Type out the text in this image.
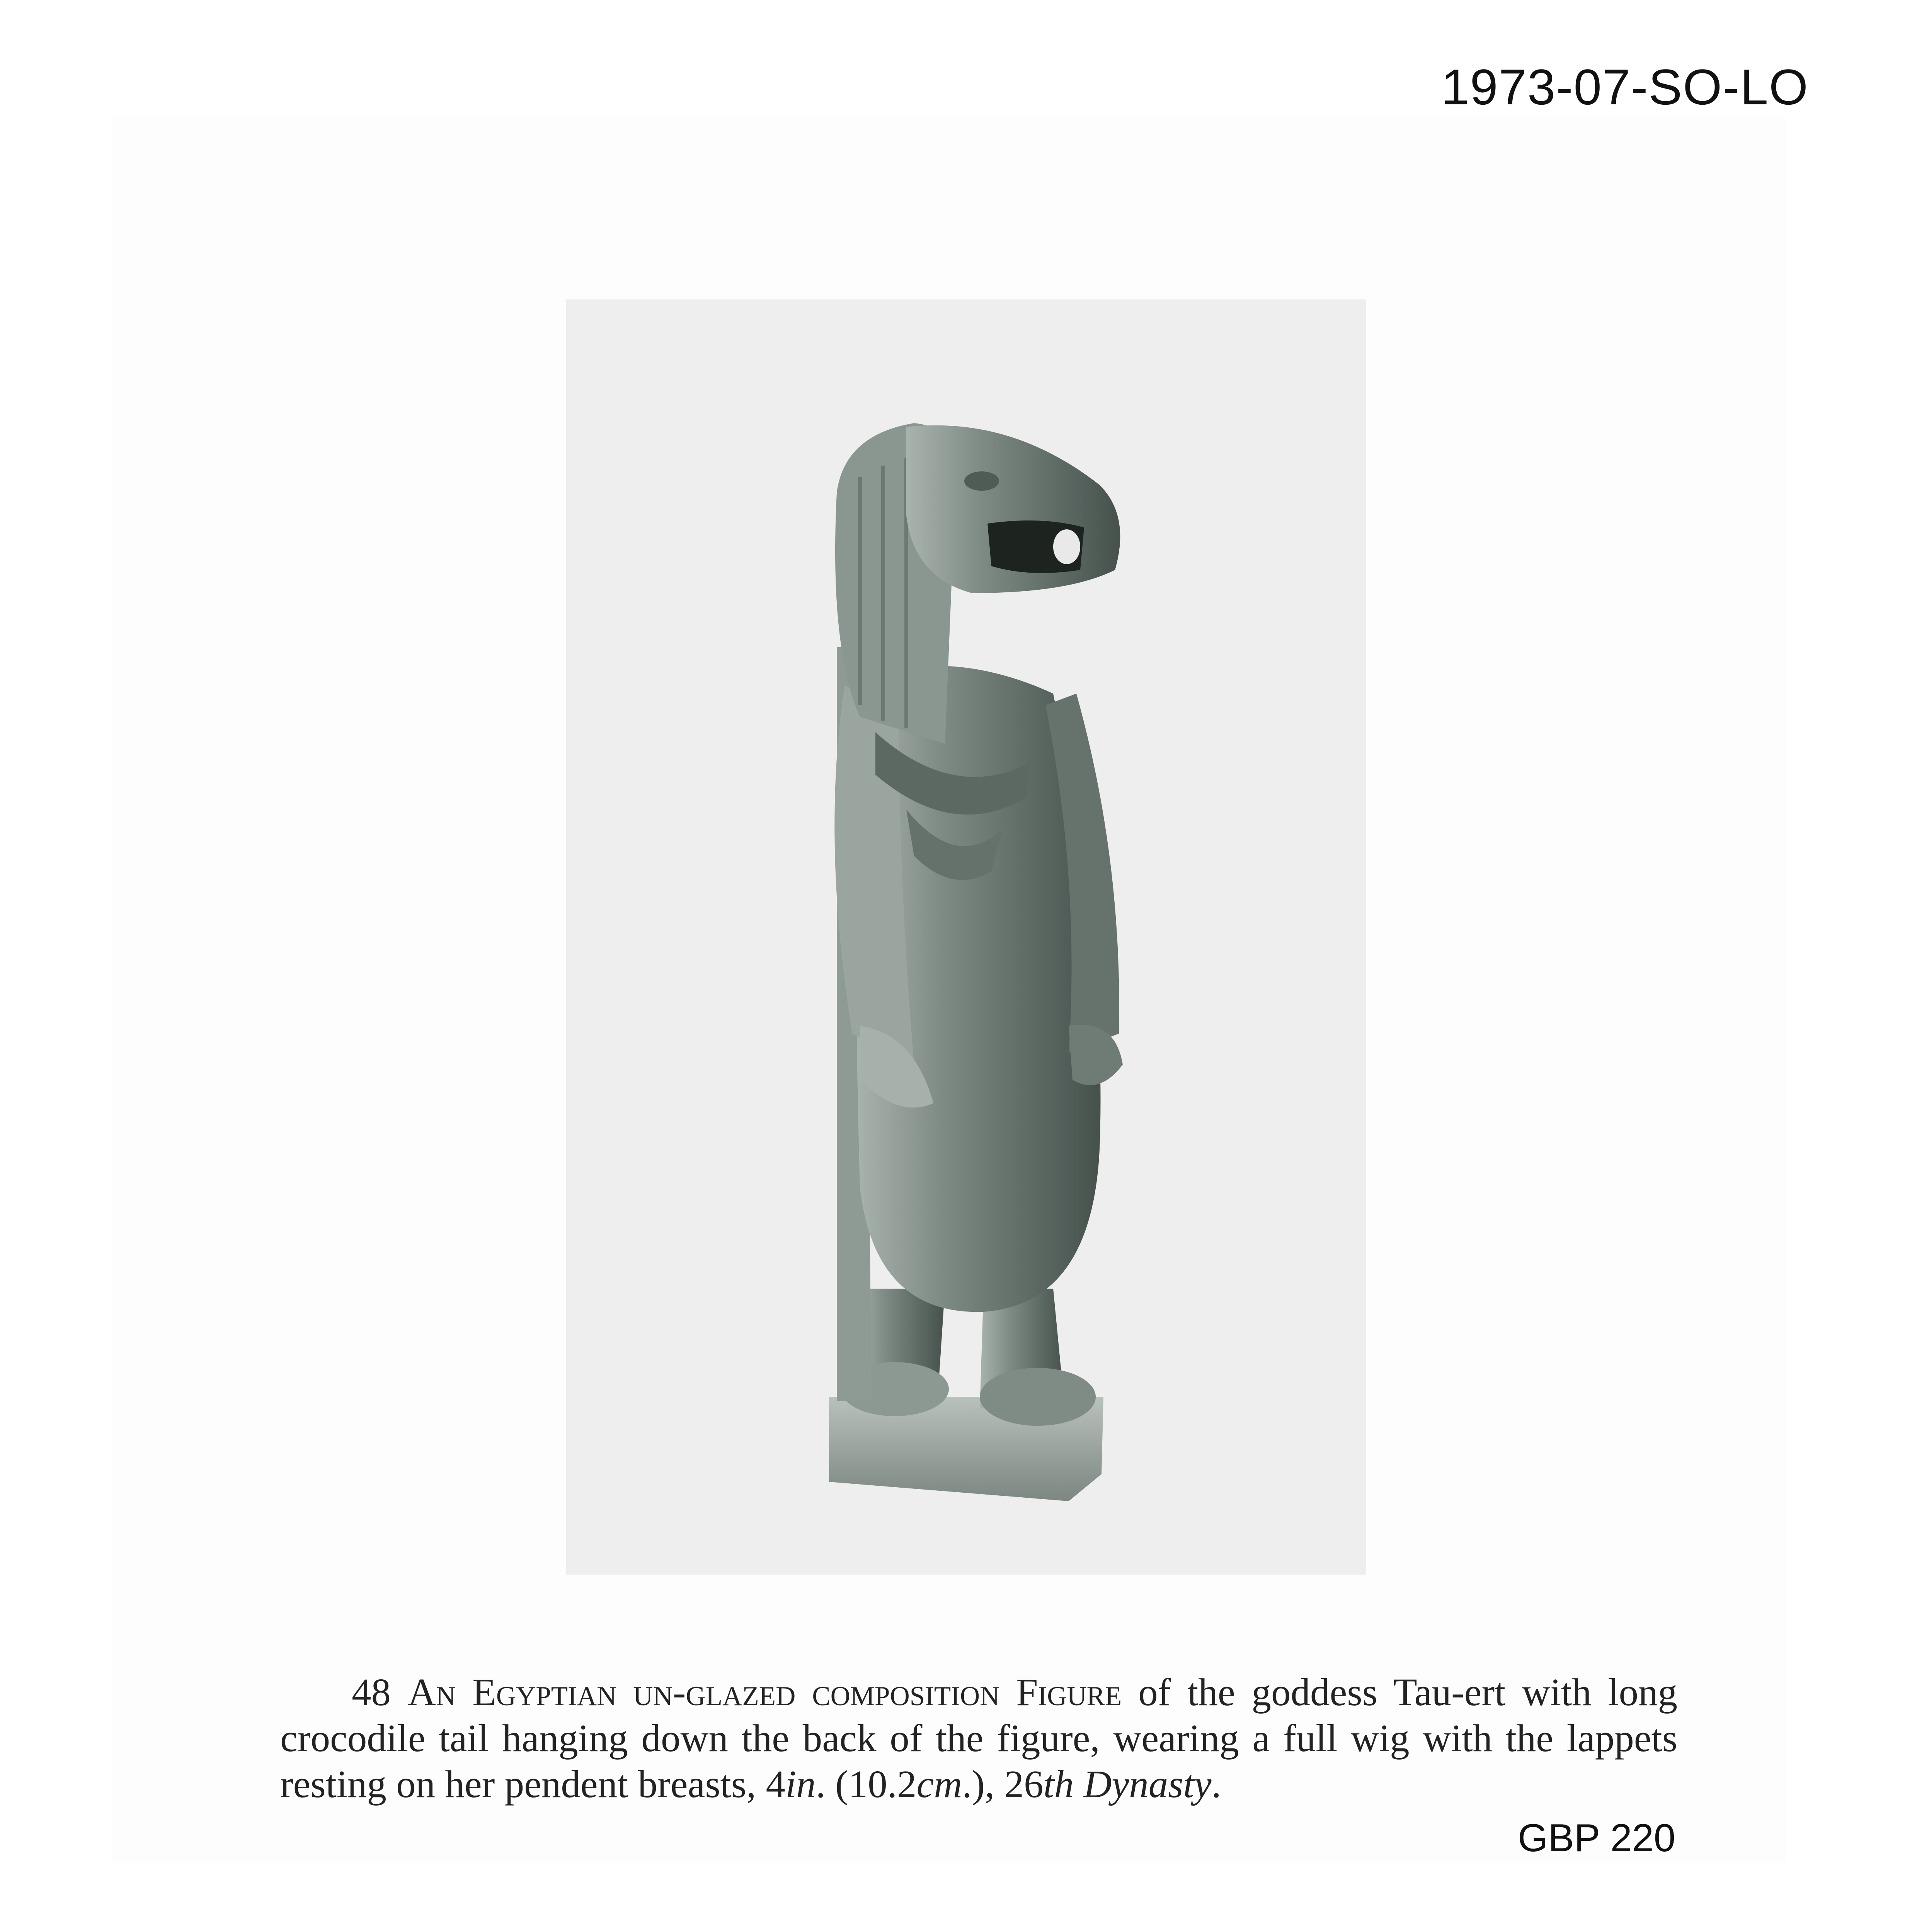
1973-07-SO-LO
48 An Egyptian un-glazed composition Figure of the goddess Tau-ert with long crocodile tail hanging down the back of the figure, wearing a full wig with the lappets resting on her pendent breasts, 4in. (10.2cm.), 26th Dynasty.
GBP 220
